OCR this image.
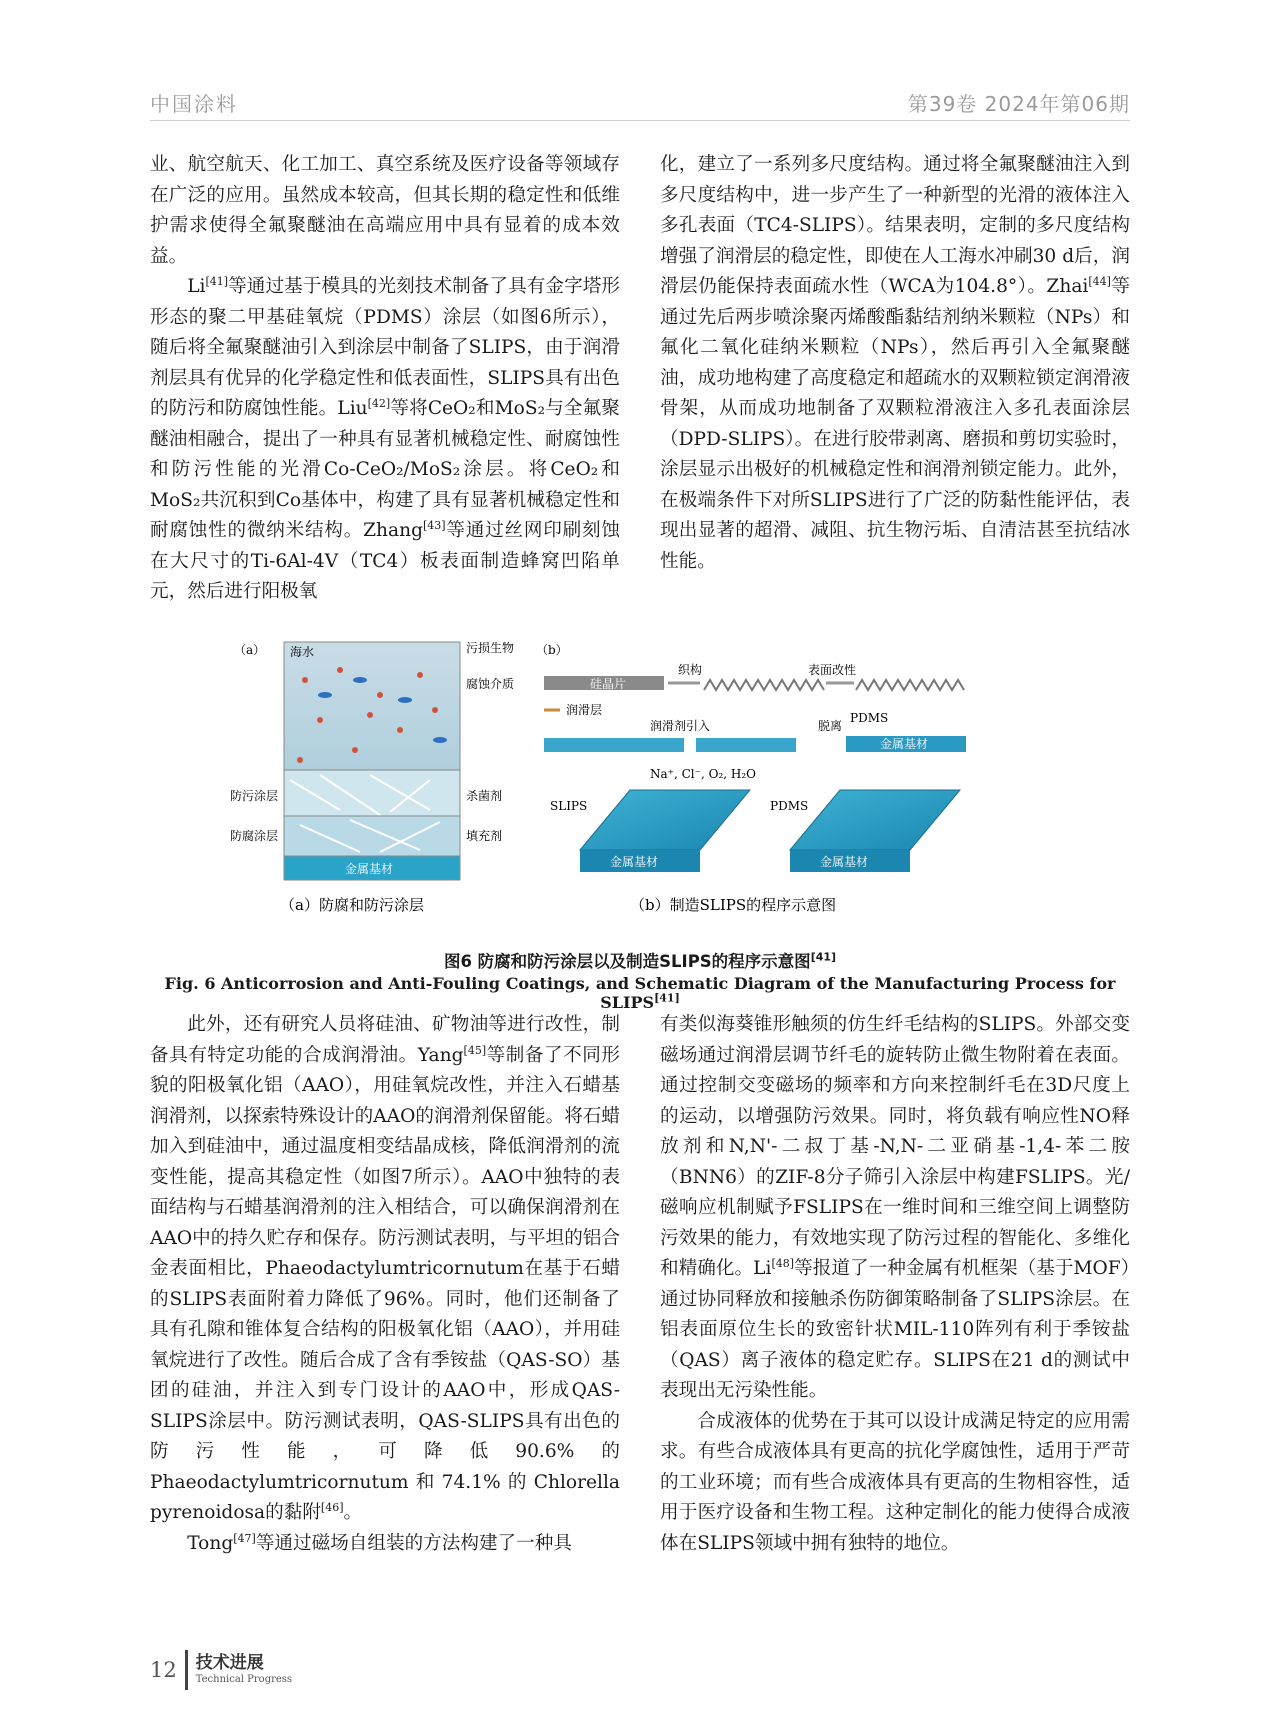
中国涂料	第39卷 2024年第06期

业、航空航天、化工加工、真空系统及医疗设备等领域存在广泛的应用。虽然成本较高，但其长期的稳定性和低维护需求使得全氟聚醚油在高端应用中具有显着的成本效益。

Li[41]等通过基于模具的光刻技术制备了具有金字塔形形态的聚二甲基硅氧烷（PDMS）涂层（如图6所示），随后将全氟聚醚油引入到涂层中制备了SLIPS，由于润滑剂层具有优异的化学稳定性和低表面性，SLIPS具有出色的防污和防腐蚀性能。Liu[42]等将CeO₂和MoS₂与全氟聚醚油相融合，提出了一种具有显著机械稳定性、耐腐蚀性和防污性能的光滑Co-CeO₂/MoS₂涂层。将CeO₂和MoS₂共沉积到Co基体中，构建了具有显著机械稳定性和耐腐蚀性的微纳米结构。Zhang[43]等通过丝网印刷刻蚀在大尺寸的Ti-6Al-4V（TC4）板表面制造蜂窝凹陷单元，然后进行阳极氧

化，建立了一系列多尺度结构。通过将全氟聚醚油注入到多尺度结构中，进一步产生了一种新型的光滑的液体注入多孔表面（TC4-SLIPS）。结果表明，定制的多尺度结构增强了润滑层的稳定性，即使在人工海水冲刷30 d后，润滑层仍能保持表面疏水性（WCA为104.8°）。Zhai[44]等通过先后两步喷涂聚丙烯酸酯黏结剂纳米颗粒（NPs）和氟化二氧化硅纳米颗粒（NPs），然后再引入全氟聚醚油，成功地构建了高度稳定和超疏水的双颗粒锁定润滑液骨架，从而成功地制备了双颗粒滑液注入多孔表面涂层（DPD-SLIPS）。在进行胶带剥离、磨损和剪切实验时，涂层显示出极好的机械稳定性和润滑剂锁定能力。此外，在极端条件下对所SLIPS进行了广泛的防黏性能评估，表现出显著的超滑、减阻、抗生物污垢、自清洁甚至抗结冰性能。

（a） 海水
金属基材
污损生物
腐蚀介质
防污涂层
防腐涂层
杀菌剂
填充剂
（a）防腐和防污涂层
（b）
硅晶片
织构	表面改性
润滑层
润滑剂引入	脱离
PDMS
金属基材
Na⁺, Cl⁻, O₂, H₂O
SLIPS	PDMS
金属基材	金属基材
（b）制造SLIPS的程序示意图
图6 防腐和防污涂层以及制造SLIPS的程序示意图[41]
Fig. 6 Anticorrosion and Anti-Fouling Coatings, and Schematic Diagram of the Manufacturing Process for SLIPS[41]

此外，还有研究人员将硅油、矿物油等进行改性，制备具有特定功能的合成润滑油。Yang[45]等制备了不同形貌的阳极氧化铝（AAO），用硅氧烷改性，并注入石蜡基润滑剂，以探索特殊设计的AAO的润滑剂保留能。将石蜡加入到硅油中，通过温度相变结晶成核，降低润滑剂的流变性能，提高其稳定性（如图7所示）。AAO中独特的表面结构与石蜡基润滑剂的注入相结合，可以确保润滑剂在AAO中的持久贮存和保存。防污测试表明，与平坦的铝合金表面相比，Phaeodactylumtricornutum在基于石蜡的SLIPS表面附着力降低了96%。同时，他们还制备了具有孔隙和锥体复合结构的阳极氧化铝（AAO），并用硅氧烷进行了改性。随后合成了含有季铵盐（QAS-SO）基团的硅油，并注入到专门设计的AAO中，形成QAS-SLIPS涂层中。防污测试表明，QAS-SLIPS具有出色的防污性能，可降低90.6%的Phaeodactylumtricornutum和74.1%的Chlorella pyrenoidosa的黏附[46]。

Tong[47]等通过磁场自组装的方法构建了一种具

有类似海葵锥形触须的仿生纤毛结构的SLIPS。外部交变磁场通过润滑层调节纤毛的旋转防止微生物附着在表面。通过控制交变磁场的频率和方向来控制纤毛在3D尺度上的运动，以增强防污效果。同时，将负载有响应性NO释放剂和N,N'-二叔丁基-N,N-二亚硝基-1,4-苯二胺（BNN6）的ZIF-8分子筛引入涂层中构建FSLIPS。光/磁响应机制赋予FSLIPS在一维时间和三维空间上调整防污效果的能力，有效地实现了防污过程的智能化、多维化和精确化。Li[48]等报道了一种金属有机框架（基于MOF）通过协同释放和接触杀伤防御策略制备了SLIPS涂层。在铝表面原位生长的致密针状MIL-110阵列有利于季铵盐（QAS）离子液体的稳定贮存。SLIPS在21 d的测试中表现出无污染性能。

合成液体的优势在于其可以设计成满足特定的应用需求。有些合成液体具有更高的抗化学腐蚀性，适用于严苛的工业环境；而有些合成液体具有更高的生物相容性，适用于医疗设备和生物工程。这种定制化的能力使得合成液体在SLIPS领域中拥有独特的地位。

12 技术进展
Technical Progress
